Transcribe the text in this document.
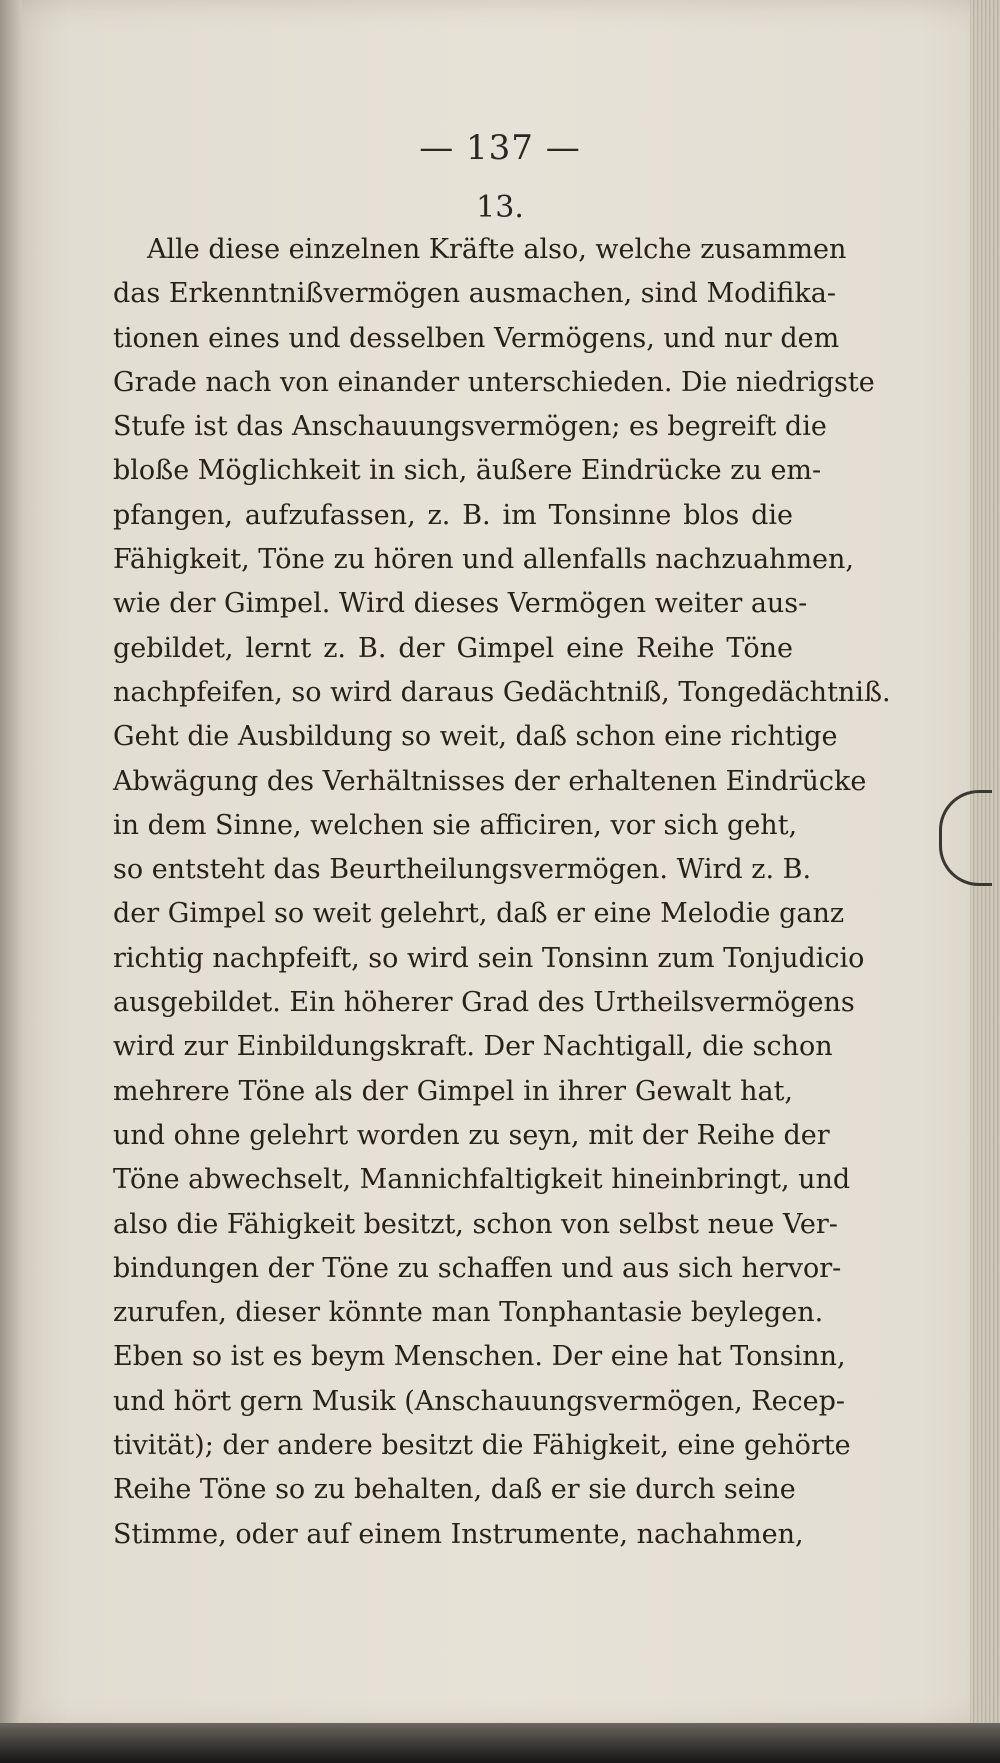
— 137 —
13.
Alle diese einzelnen Kräfte also, welche zusammen
das Erkenntnißvermögen ausmachen, sind Modifika-
tionen eines und desselben Vermögens, und nur dem
Grade nach von einander unterschieden. Die niedrigste
Stufe ist das Anschauungsvermögen; es begreift die
bloße Möglichkeit in sich, äußere Eindrücke zu em-
pfangen, aufzufassen, z. B. im Tonsinne blos die
Fähigkeit, Töne zu hören und allenfalls nachzuahmen,
wie der Gimpel. Wird dieses Vermögen weiter aus-
gebildet, lernt z. B. der Gimpel eine Reihe Töne
nachpfeifen, so wird daraus Gedächtniß, Tongedächtniß.
Geht die Ausbildung so weit, daß schon eine richtige
Abwägung des Verhältnisses der erhaltenen Eindrücke
in dem Sinne, welchen sie afficiren, vor sich geht,
so entsteht das Beurtheilungsvermögen. Wird z. B.
der Gimpel so weit gelehrt, daß er eine Melodie ganz
richtig nachpfeift, so wird sein Tonsinn zum Tonjudicio
ausgebildet. Ein höherer Grad des Urtheilsvermögens
wird zur Einbildungskraft. Der Nachtigall, die schon
mehrere Töne als der Gimpel in ihrer Gewalt hat,
und ohne gelehrt worden zu seyn, mit der Reihe der
Töne abwechselt, Mannichfaltigkeit hineinbringt, und
also die Fähigkeit besitzt, schon von selbst neue Ver-
bindungen der Töne zu schaffen und aus sich hervor-
zurufen, dieser könnte man Tonphantasie beylegen.
Eben so ist es beym Menschen. Der eine hat Tonsinn,
und hört gern Musik (Anschauungsvermögen, Recep-
tivität); der andere besitzt die Fähigkeit, eine gehörte
Reihe Töne so zu behalten, daß er sie durch seine
Stimme, oder auf einem Instrumente, nachahmen,
